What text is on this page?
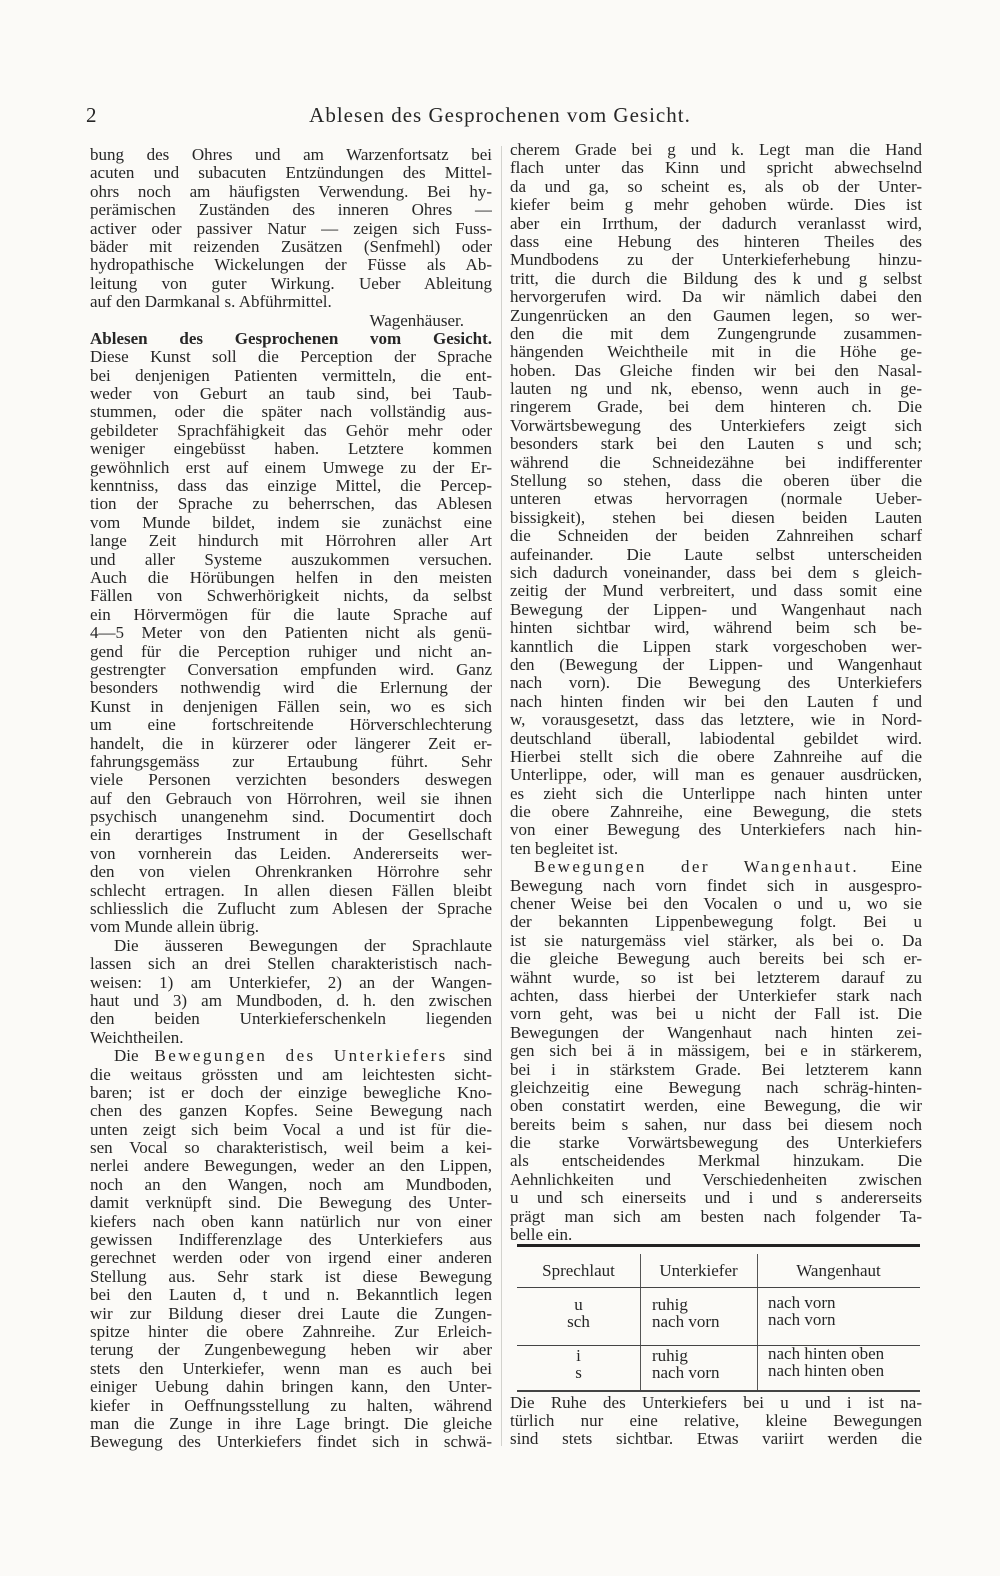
2	Ablesen des Gesprochenen vom Gesicht.
bung des Ohres und am Warzenfortsatz bei
acuten und subacuten Entzündungen des Mittel-
ohrs noch am häufigsten Verwendung. Bei hy-
perämischen Zuständen des inneren Ohres —
activer oder passiver Natur — zeigen sich Fuss-
bäder mit reizenden Zusätzen (Senfmehl) oder
hydropathische Wickelungen der Füsse als Ab-
leitung von guter Wirkung. Ueber Ableitung
auf den Darmkanal s. Abführmittel.
Wagenhäuser.
Ablesen des Gesprochenen vom Gesicht.
Diese Kunst soll die Perception der Sprache
bei denjenigen Patienten vermitteln, die ent-
weder von Geburt an taub sind, bei Taub-
stummen, oder die später nach vollständig aus-
gebildeter Sprachfähigkeit das Gehör mehr oder
weniger eingebüsst haben. Letztere kommen
gewöhnlich erst auf einem Umwege zu der Er-
kenntniss, dass das einzige Mittel, die Percep-
tion der Sprache zu beherrschen, das Ablesen
vom Munde bildet, indem sie zunächst eine
lange Zeit hindurch mit Hörrohren aller Art
und aller Systeme auszukommen versuchen.
Auch die Hörübungen helfen in den meisten
Fällen von Schwerhörigkeit nichts, da selbst
ein Hörvermögen für die laute Sprache auf
4—5 Meter von den Patienten nicht als genü-
gend für die Perception ruhiger und nicht an-
gestrengter Conversation empfunden wird. Ganz
besonders nothwendig wird die Erlernung der
Kunst in denjenigen Fällen sein, wo es sich
um eine fortschreitende Hörverschlechterung
handelt, die in kürzerer oder längerer Zeit er-
fahrungsgemäss zur Ertaubung führt. Sehr
viele Personen verzichten besonders deswegen
auf den Gebrauch von Hörrohren, weil sie ihnen
psychisch unangenehm sind. Documentirt doch
ein derartiges Instrument in der Gesellschaft
von vornherein das Leiden. Andererseits wer-
den von vielen Ohrenkranken Hörrohre sehr
schlecht ertragen. In allen diesen Fällen bleibt
schliesslich die Zuflucht zum Ablesen der Sprache
vom Munde allein übrig.
Die äusseren Bewegungen der Sprachlaute
lassen sich an drei Stellen charakteristisch nach-
weisen: 1) am Unterkiefer, 2) an der Wangen-
haut und 3) am Mundboden, d. h. den zwischen
den beiden Unterkieferschenkeln liegenden
Weichtheilen.
Die Bewegungen des Unterkiefers sind
die weitaus grössten und am leichtesten sicht-
baren; ist er doch der einzige bewegliche Kno-
chen des ganzen Kopfes. Seine Bewegung nach
unten zeigt sich beim Vocal a und ist für die-
sen Vocal so charakteristisch, weil beim a kei-
nerlei andere Bewegungen, weder an den Lippen,
noch an den Wangen, noch am Mundboden,
damit verknüpft sind. Die Bewegung des Unter-
kiefers nach oben kann natürlich nur von einer
gewissen Indifferenzlage des Unterkiefers aus
gerechnet werden oder von irgend einer anderen
Stellung aus. Sehr stark ist diese Bewegung
bei den Lauten d, t und n. Bekanntlich legen
wir zur Bildung dieser drei Laute die Zungen-
spitze hinter die obere Zahnreihe. Zur Erleich-
terung der Zungenbewegung heben wir aber
stets den Unterkiefer, wenn man es auch bei
einiger Uebung dahin bringen kann, den Unter-
kiefer in Oeffnungsstellung zu halten, während
man die Zunge in ihre Lage bringt. Die gleiche
Bewegung des Unterkiefers findet sich in schwä-
cherem Grade bei g und k. Legt man die Hand
flach unter das Kinn und spricht abwechselnd
da und ga, so scheint es, als ob der Unter-
kiefer beim g mehr gehoben würde. Dies ist
aber ein Irrthum, der dadurch veranlasst wird,
dass eine Hebung des hinteren Theiles des
Mundbodens zu der Unterkieferhebung hinzu-
tritt, die durch die Bildung des k und g selbst
hervorgerufen wird. Da wir nämlich dabei den
Zungenrücken an den Gaumen legen, so wer-
den die mit dem Zungengrunde zusammen-
hängenden Weichtheile mit in die Höhe ge-
hoben. Das Gleiche finden wir bei den Nasal-
lauten ng und nk, ebenso, wenn auch in ge-
ringerem Grade, bei dem hinteren ch. Die
Vorwärtsbewegung des Unterkiefers zeigt sich
besonders stark bei den Lauten s und sch;
während die Schneidezähne bei indifferenter
Stellung so stehen, dass die oberen über die
unteren etwas hervorragen (normale Ueber-
bissigkeit), stehen bei diesen beiden Lauten
die Schneiden der beiden Zahnreihen scharf
aufeinander. Die Laute selbst unterscheiden
sich dadurch voneinander, dass bei dem s gleich-
zeitig der Mund verbreitert, und dass somit eine
Bewegung der Lippen- und Wangenhaut nach
hinten sichtbar wird, während beim sch be-
kanntlich die Lippen stark vorgeschoben wer-
den (Bewegung der Lippen- und Wangenhaut
nach vorn). Die Bewegung des Unterkiefers
nach hinten finden wir bei den Lauten f und
w, vorausgesetzt, dass das letztere, wie in Nord-
deutschland überall, labiodental gebildet wird.
Hierbei stellt sich die obere Zahnreihe auf die
Unterlippe, oder, will man es genauer ausdrücken,
es zieht sich die Unterlippe nach hinten unter
die obere Zahnreihe, eine Bewegung, die stets
von einer Bewegung des Unterkiefers nach hin-
ten begleitet ist.
Bewegungen der Wangenhaut. Eine
Bewegung nach vorn findet sich in ausgespro-
chener Weise bei den Vocalen o und u, wo sie
der bekannten Lippenbewegung folgt. Bei u
ist sie naturgemäss viel stärker, als bei o. Da
die gleiche Bewegung auch bereits bei sch er-
wähnt wurde, so ist bei letzterem darauf zu
achten, dass hierbei der Unterkiefer stark nach
vorn geht, was bei u nicht der Fall ist. Die
Bewegungen der Wangenhaut nach hinten zei-
gen sich bei ä in mässigem, bei e in stärkerem,
bei i in stärkstem Grade. Bei letzterem kann
gleichzeitig eine Bewegung nach schräg-hinten-
oben constatirt werden, eine Bewegung, die wir
bereits beim s sahen, nur dass bei diesem noch
die starke Vorwärtsbewegung des Unterkiefers
als entscheidendes Merkmal hinzukam. Die
Aehnlichkeiten und Verschiedenheiten zwischen
u und sch einerseits und i und s andererseits
prägt man sich am besten nach folgender Ta-
belle ein.
Sprechlaut	Unterkiefer	Wangenhaut
u	ruhig	nach vorn
sch	nach vorn	nach vorn
i	ruhig	nach hinten oben
s	nach vorn	nach hinten oben
Die Ruhe des Unterkiefers bei u und i ist na-
türlich nur eine relative, kleine Bewegungen
sind stets sichtbar. Etwas variirt werden die
